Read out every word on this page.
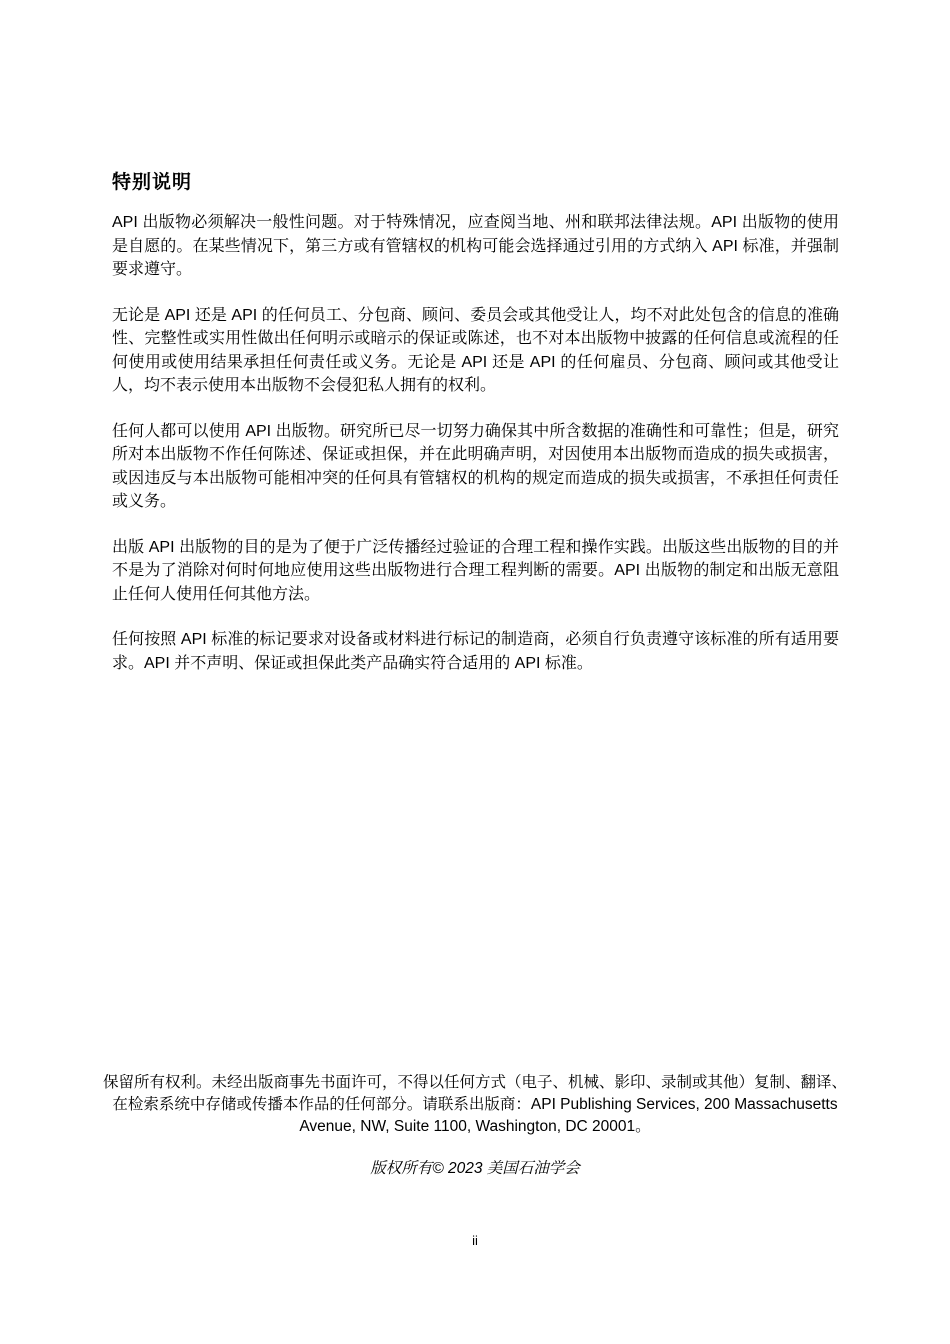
特别说明

API 出版物必须解决一般性问题。对于特殊情况，应查阅当地、州和联邦法律法规。API 出版物的使用是自愿的。在某些情况下，第三方或有管辖权的机构可能会选择通过引用的方式纳入 API 标准，并强制要求遵守。

无论是 API 还是 API 的任何员工、分包商、顾问、委员会或其他受让人，均不对此处包含的信息的准确性、完整性或实用性做出任何明示或暗示的保证或陈述，也不对本出版物中披露的任何信息或流程的任何使用或使用结果承担任何责任或义务。无论是 API 还是 API 的任何雇员、分包商、顾问或其他受让人，均不表示使用本出版物不会侵犯私人拥有的权利。

任何人都可以使用 API 出版物。研究所已尽一切努力确保其中所含数据的准确性和可靠性；但是，研究所对本出版物不作任何陈述、保证或担保，并在此明确声明，对因使用本出版物而造成的损失或损害，或因违反与本出版物可能相冲突的任何具有管辖权的机构的规定而造成的损失或损害，不承担任何责任或义务。

出版 API 出版物的目的是为了便于广泛传播经过验证的合理工程和操作实践。出版这些出版物的目的并不是为了消除对何时何地应使用这些出版物进行合理工程判断的需要。API 出版物的制定和出版无意阻止任何人使用任何其他方法。

任何按照 API 标准的标记要求对设备或材料进行标记的制造商，必须自行负责遵守该标准的所有适用要求。API 并不声明、保证或担保此类产品确实符合适用的 API 标准。

保留所有权利。未经出版商事先书面许可，不得以任何方式（电子、机械、影印、录制或其他）复制、翻译、在检索系统中存储或传播本作品的任何部分。请联系出版商：API Publishing Services, 200 Massachusetts Avenue, NW, Suite 1100, Washington, DC 20001。

版权所有© 2023 美国石油学会

ii
